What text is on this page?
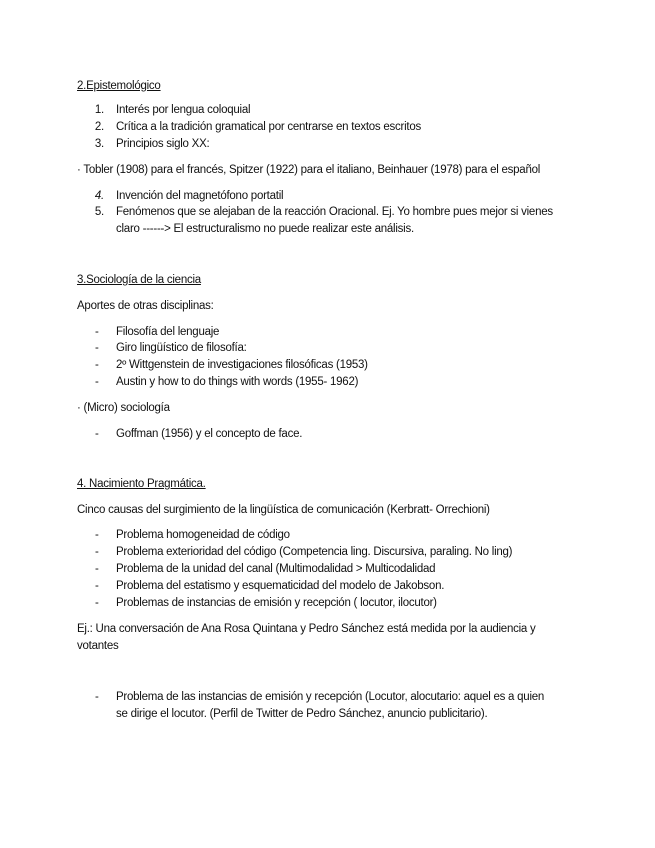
2.Epistemológico
1. Interés por lengua coloquial
2. Crítica a la tradición gramatical por centrarse en textos escritos
3. Principios siglo XX:
· Tobler (1908) para el francés, Spitzer (1922) para el italiano, Beinhauer (1978) para el español
4. Invención del magnetófono portatil
5. Fenómenos que se alejaban de la reacción Oracional. Ej. Yo hombre pues mejor si vienes
claro ------> El estructuralismo no puede realizar este análisis.
3.Sociología de la ciencia
Aportes de otras disciplinas:
- Filosofía del lenguaje
- Giro lingüístico de filosofía:
- 2º Wittgenstein de investigaciones filosóficas (1953)
- Austin y how to do things with words (1955- 1962)
· (Micro) sociología
- Goffman (1956) y el concepto de face.
4. Nacimiento Pragmática.
Cinco causas del surgimiento de la lingüística de comunicación (Kerbratt- Orrechioni)
- Problema homogeneidad de código
- Problema exterioridad del código (Competencia ling. Discursiva, paraling. No ling)
- Problema de la unidad del canal (Multimodalidad > Multicodalidad
- Problema del estatismo y esquematicidad del modelo de Jakobson.
- Problemas de instancias de emisión y recepción ( locutor, ilocutor)
Ej.: Una conversación de Ana Rosa Quintana y Pedro Sánchez está medida por la audiencia y
votantes
- Problema de las instancias de emisión y recepción (Locutor, alocutario: aquel es a quien
se dirige el locutor. (Perfil de Twitter de Pedro Sánchez, anuncio publicitario).
